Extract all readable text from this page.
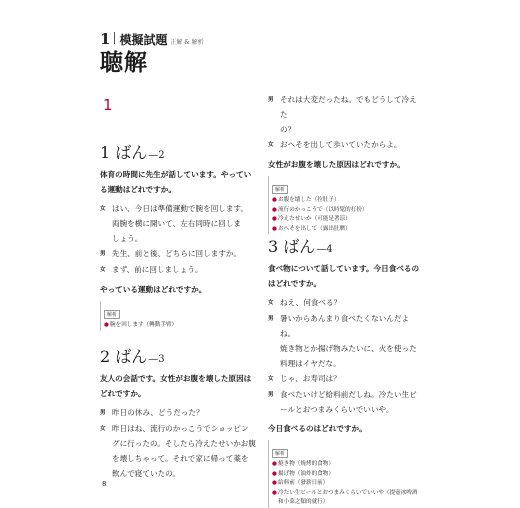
1 模擬試題 正解 & 解析
聴解
1
1 ばん —2
体育の時間に先生が話しています。やってい
る運動はどれですか。
女 はい、今日は準備運動で腕を回します。
両腕を横に開いて、左右同時に回しま
しょう。
男 先生、前と後、どちらに回しますか。
女 まず、前に回しましょう。
やっている運動はどれですか。
解析
● 腕を回します（轉動手臂）
2 ばん —3
友人の会話です。女性がお腹を壊した原因は
どれですか。
男 昨日の休み、どうだった？
女 昨日はね、流行のかっこうでショッピン
グに行ったの。そしたら冷えたせいかお腹
を壊しちゃって。それで家に帰って薬を
飲んで寝ていたの。
男 それは大変だったね。でもどうして冷えた
の？
女 おへそを出して歩いていたからよ。
女性がお腹を壊した原因はどれですか。
解析
● お腹を壊した（拉肚子）
● 流行のかっこうで（以時髦的打扮）
● 冷えたせいか（可能是著涼）
● おへそを出して（露出肚臍）
3 ばん —4
食べ物について話しています。今日食べるの
はどれですか。
女 ねえ、何食べる？
男 暑いからあんまり食べたくないんだよね。
焼き物とか揚げ物みたいに、火を使った
料理はイヤだな。
女 じゃ、お寿司は？
男 食べたいけど給料前だしね。冷たい生ビ
ールとおつまみくらいでいいや。
今日食べるのはどれですか。
解析
● 焼き物（燒烤的食物）
● 揚げ物（油炸的食物）
● 給料前（發薪日前）
● 冷たい生ビールとおつまみくらいでいいや（提壺冰啤酒和小菜之類的就行）
8
